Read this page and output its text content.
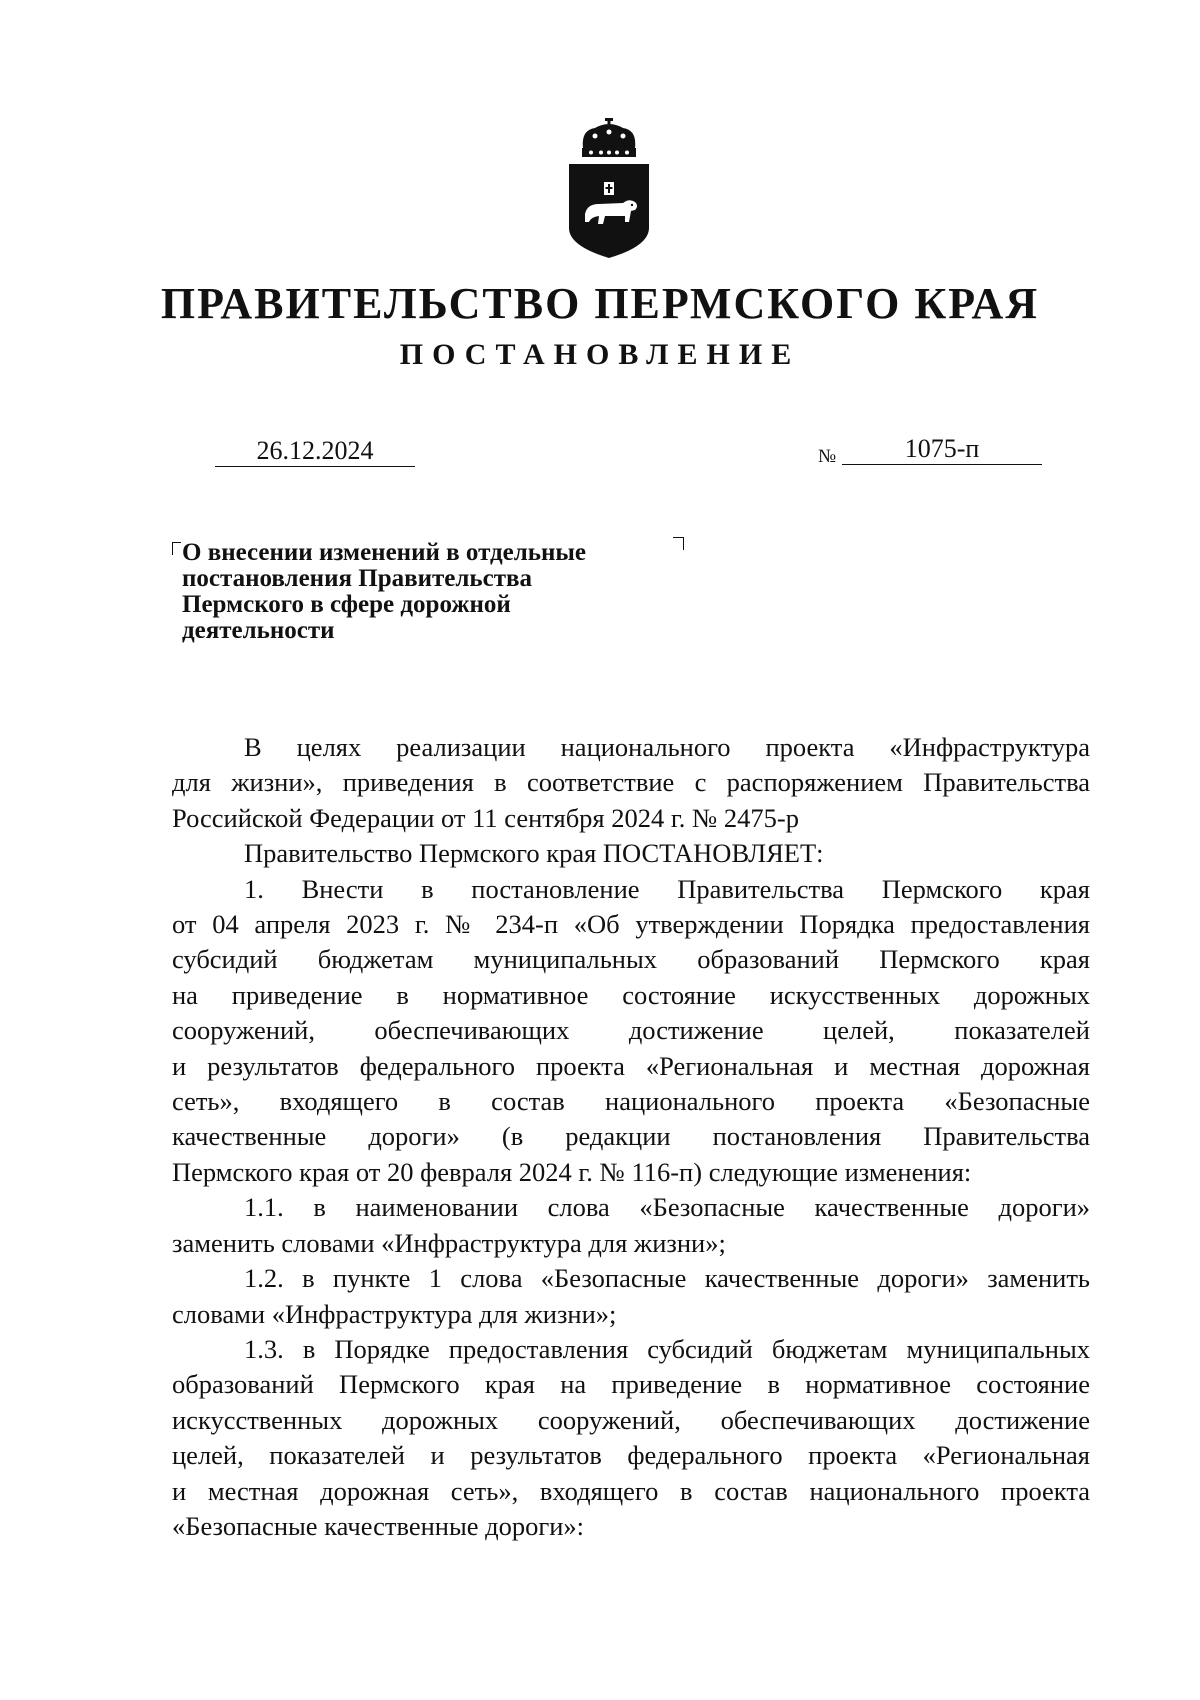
ПРАВИТЕЛЬСТВО ПЕРМСКОГО КРАЯ
ПОСТАНОВЛЕНИЕ
26.12.2024	№	1075-п
О внесении изменений в отдельные
постановления Правительства
Пермского в сфере дорожной
деятельности
В целях реализации национального проекта «Инфраструктура
для жизни», приведения в соответствие с распоряжением Правительства
Российской Федерации от 11 сентября 2024 г. № 2475-р
Правительство Пермского края ПОСТАНОВЛЯЕТ:
1. Внести в постановление Правительства Пермского края
от 04 апреля 2023 г. № 234-п «Об утверждении Порядка предоставления
субсидий бюджетам муниципальных образований Пермского края
на приведение в нормативное состояние искусственных дорожных
сооружений, обеспечивающих достижение целей, показателей
и результатов федерального проекта «Региональная и местная дорожная
сеть», входящего в состав национального проекта «Безопасные
качественные дороги» (в редакции постановления Правительства
Пермского края от 20 февраля 2024 г. № 116-п) следующие изменения:
1.1. в наименовании слова «Безопасные качественные дороги»
заменить словами «Инфраструктура для жизни»;
1.2. в пункте 1 слова «Безопасные качественные дороги» заменить
словами «Инфраструктура для жизни»;
1.3. в Порядке предоставления субсидий бюджетам муниципальных
образований Пермского края на приведение в нормативное состояние
искусственных дорожных сооружений, обеспечивающих достижение
целей, показателей и результатов федерального проекта «Региональная
и местная дорожная сеть», входящего в состав национального проекта
«Безопасные качественные дороги»:
